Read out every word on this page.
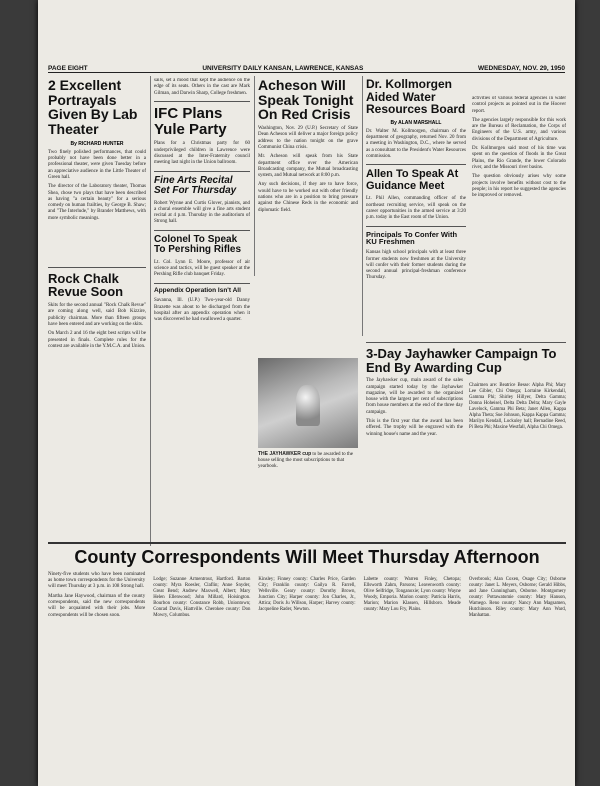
PAGE EIGHT	UNIVERSITY DAILY KANSAN, LAWRENCE, KANSAS	WEDNESDAY, NOV. 29, 1950
2 Excellent Portrayals Given By Lab Theater
By RICHARD HUNTER

Two finely polished performances, that could probably not have been done better in a professional theater, were given Tuesday before an appreciative audience in the Little Theater of Green hall.

The director of the Laboratory theater, Thomas Shea, chose two plays that have been described as having "a certain beauty" for a serious comedy on human frailties, by George B. Shaw; and "The Interlude," by Brander Matthews, with more symbolic meanings.

Rock Chalk Revue Soon

Skits for the second annual "Rock Chalk Revue" are coming along well, said Bob Kizzire, publicity chairman. More than fifteen groups have been entered and are working on the skits.

On March 2 and 16 the eight best scripts will be presented in finals. Complete rules for the contest are available in the Y.M.C.A. and Union.

sails, set a mood that kept the audience on the edge of its seats. Others in the cast are Mark Gilman, and Darwin Sharp, College freshmen.

IFC Plans Yule Party

Plans for a Christmas party for 60 underprivileged children in Lawrence were discussed at the Inter-Fraternity council meeting last night in the Union ballroom.

Fine Arts Recital Set For Thursday

Robert Wynne and Curtis Glover, pianists, and a choral ensemble will give a fine arts student recital at 4 p.m. Thursday in the auditorium of Strong hall.

Colonel To Speak To Pershing Rifles

Lt. Col. Lynn E. Moore, professor of air science and tactics, will be guest speaker at the Pershing Rifle club banquet Friday.

Appendix Operation Isn't All

Savanna, Ill. (U.P.) Two-year-old Danny Brazette was about to be discharged from the hospital after an appendix operation when it was discovered he had swallowed a quarter.

Acheson Will Speak Tonight On Red Crisis

Washington, Nov. 29 (U.P.) Secretary of State Dean Acheson will deliver a major foreign policy address to the nation tonight on the grave Communist China crisis.

Mr. Acheson will speak from his State department office over the American Broadcasting company, the Mutual broadcasting system, and Mutual network at 8:00 p.m.

Any such decisions, if they are to have force, would have to be worked out with other friendly nations who are in a position to bring pressure against the Chinese Reds in the economic and diplomatic field.

THE JAYHAWKER cup to be awarded to the house selling the most subscriptions to that yearbook.
Dr. Kollmorgen Aided Water Resources Board
By ALAN MARSHALL

Dr. Walter M. Kollmorgen, chairman of the department of geography, returned Nov. 20 from a meeting in Washington, D.C., where he served as a consultant to the President's Water Resources commission.

Allen To Speak At Guidance Meet

Lt. Phil Allen, commanding officer of the northeast recruiting service, will speak on the career opportunities in the armed service at 3:20 p.m. today in the East room of the Union.

Principals To Confer With KU Freshmen

Kansas high school principals with at least three former students now freshmen at the University will confer with their former students during the second annual principal-freshman conference Thursday.

activities of various federal agencies in water control projects as pointed out in the Hoover report.

The agencies largely responsible for this work are the Bureau of Reclamation, the Corps of Engineers of the U.S. army, and various divisions of the Department of Agriculture.

Dr. Kollmorgen said most of his time was spent on the question of floods in the Great Plains, the Rio Grande, the lower Colorado river, and the Missouri river basins.

The question obviously arises why some projects involve benefits without cost to the people; in his report he suggested the agencies be improved or removed.

3-Day Jayhawker Campaign To End By Awarding Cup

The Jayhawker cup, main award of the sales campaign started today by the Jayhawker magazine, will be awarded to the organized house with the largest per cent of subscriptions from house members at the end of the three day campaign.

This is the first year that the award has been offered. The trophy will be engraved with the winning house's name and the year.

Chairmen are: Beatrice Besse: Alpha Phi; Mary Lee Gibler, Chi Omega; Lorraine Kirkendall, Gamma Phi; Shirley Hillyer, Delta Gamma; Donna Hoheisel, Delta Delta Delta; Mary Gayle Lavelock, Gamma Phi Beta; Janet Allen, Kappa Alpha Theta; Sue Johnson, Kappa Kappa Gamma; Marilyn Kendall, Lockuley hall; Bernadine Reed, Pi Beta Phi; Maxine Westfall, Alpha Chi Omega.

County Correspondents Will Meet Thursday Afternoon

Ninety-five students who have been nominated as home town correspondents for the University will meet Thursday at 3 p.m. in 108 Strong hall.

Martha Jane Haywood, chairman of the county correspondents, said the new correspondents will be acquainted with their jobs. More correspondents will be chosen soon.

Lodge; Suzanne Armentrout, Hartford. Barton county: Myra Roesler, Claflin; Anne Snyder, Great Bend; Andrew Maxwell, Albert; Mary Helen Ellenwood; John Millard, Hoisington. Bourbon county: Constance Robb, Uniontown; Conrad Davis, Hiattville. Cherokee county: Don Mowry, Columbus.

Kinsley; Finney county: Charles Price, Garden City; Franklin county: Gailya R. Farrell, Wellsville. Geary county: Dorothy Brown, Junction City; Harper county: Jon Charles, Jr., Attica; Doris Ju Willson, Harper; Harvey county: Jacqueline Rader, Newton.

Labette county: Warren Finley, Chetopa; Ellsworth Zahm, Parsons; Leavenworth county: Olive Selfridge, Tonganoxie; Lyon county: Wayne Woody, Emporia. Marion county: Patricia Harris, Marion; Marion Klassen, Hillsboro. Meade county: Mary Lou Fry, Plains.

Overbrook; Alan Coxen, Osage City; Osborne county: Janet L. Meyers, Osborne; Gerald Hibbs, and Jane Cunningham, Osborne. Montgomery county: Pottawatomie county: Mary Hanson, Wamego. Reno county: Nancy Ann Magsamen, Hutchinson. Riley county: Mary Ann Ward, Manhattan.
